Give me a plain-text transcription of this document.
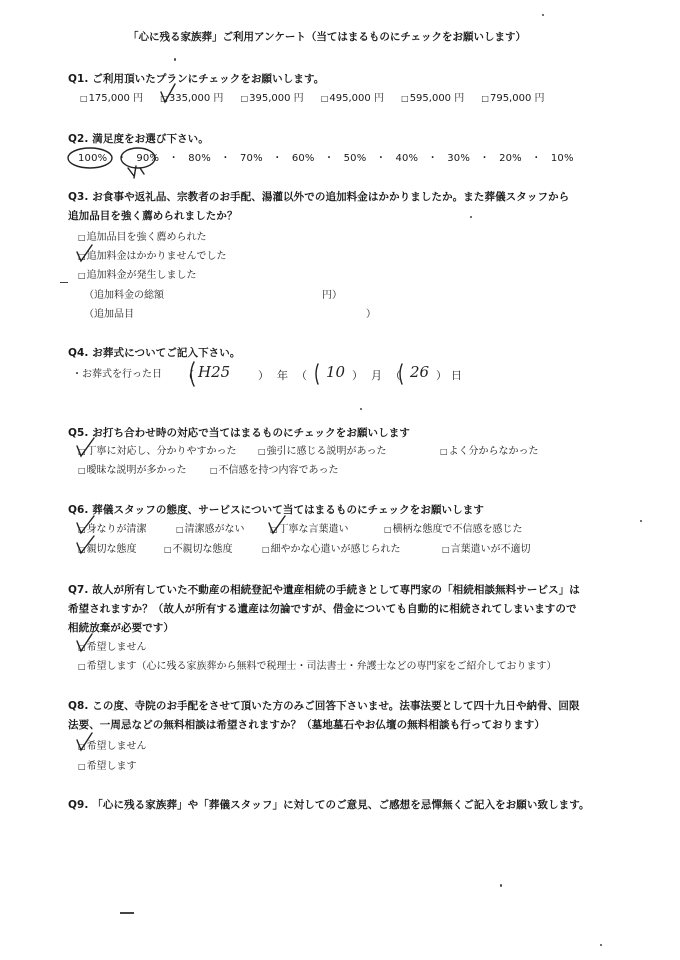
「心に残る家族葬」ご利用アンケート（当てはまるものにチェックをお願いします）
Q1. ご利用頂いたプランにチェックをお願いします。
□ 175,000 円	□ 335,000 円	□ 395,000 円	□ 495,000 円	□ 595,000 円	□ 795,000 円
Q2. 満足度をお選び下さい。
100% ・ 90% ・ 80% ・ 70% ・ 60% ・ 50% ・ 40% ・ 30% ・ 20% ・ 10%
Q3. お食事や返礼品、宗教者のお手配、湯灌以外での追加料金はかかりましたか。また葬儀スタッフから
追加品目を強く薦められましたか？
□ 追加品目を強く薦められた
□ 追加料金はかかりませんでした
□ 追加料金が発生しました
（追加料金の総額	円）
（追加品目	）
Q4. お葬式についてご記入下さい。
・お葬式を行った日 （ H25	）年（ 10 ）月（ 26 ）日
Q5. お打ち合わせ時の対応で当てはまるものにチェックをお願いします
□ 丁寧に対応し、分かりやすかった	□ 強引に感じる説明があった	□ よく分からなかった
□ 曖昧な説明が多かった	□ 不信感を持つ内容であった
Q6. 葬儀スタッフの態度、サービスについて当てはまるものにチェックをお願いします
□ 身なりが清潔	□ 清潔感がない	□ 丁寧な言葉遣い	□ 横柄な態度で不信感を感じた
□ 親切な態度	□ 不親切な態度	□ 細やかな心遣いが感じられた	□ 言葉遣いが不適切
Q7. 故人が所有していた不動産の相続登記や遺産相続の手続きとして専門家の「相続相談無料サービス」は
希望されますか？（故人が所有する遺産は勿論ですが、借金についても自動的に相続されてしまいますので
相続放棄が必要です）
□ 希望しません
□ 希望します（心に残る家族葬から無料で税理士・司法書士・弁護士などの専門家をご紹介しております）
Q8. この度、寺院のお手配をさせて頂いた方のみご回答下さいませ。法事法要として四十九日や納骨、回限
法要、一周忌などの無料相談は希望されますか？（墓地墓石やお仏壇の無料相談も行っております）
□ 希望しません
□ 希望します
Q9. 「心に残る家族葬」や「葬儀スタッフ」に対してのご意見、ご感想を忌憚無くご記入をお願い致します。
